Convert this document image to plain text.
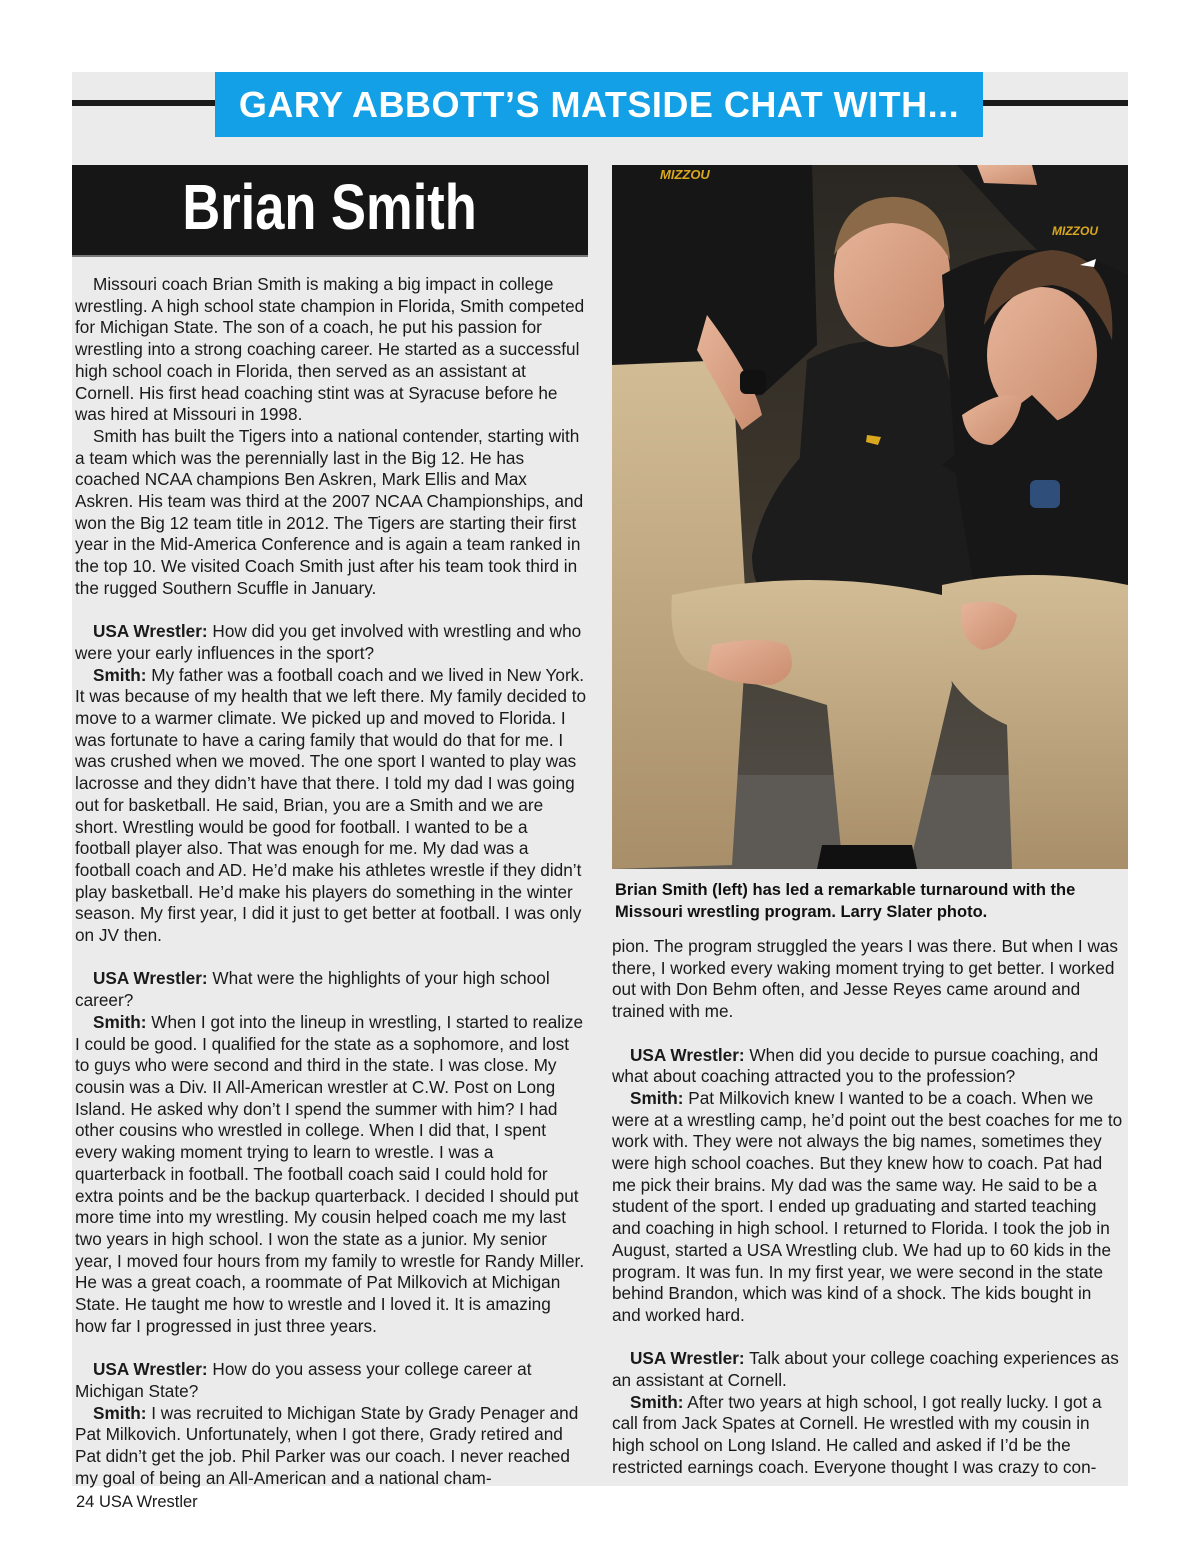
GARY ABBOTT’S MATSIDE CHAT WITH...
Brian Smith

Missouri coach Brian Smith is making a big impact in college wrestling. A high school state champion in Florida, Smith competed for Michigan State. The son of a coach, he put his passion for wrestling into a strong coaching career. He started as a successful high school coach in Florida, then served as an assistant at Cornell. His first head coaching stint was at Syracuse before he was hired at Missouri in 1998.

Smith has built the Tigers into a national contender, starting with a team which was the perennially last in the Big 12. He has coached NCAA champions Ben Askren, Mark Ellis and Max Askren. His team was third at the 2007 NCAA Championships, and won the Big 12 team title in 2012. The Tigers are starting their first year in the Mid-America Conference and is again a team ranked in the top 10. We visited Coach Smith just after his team took third in the rugged Southern Scuffle in January.

USA Wrestler: How did you get involved with wrestling and who were your early influences in the sport?

Smith: My father was a football coach and we lived in New York. It was because of my health that we left there. My family decided to move to a warmer climate. We picked up and moved to Florida. I was fortunate to have a caring family that would do that for me. I was crushed when we moved. The one sport I wanted to play was lacrosse and they didn’t have that there. I told my dad I was going out for basketball. He said, Brian, you are a Smith and we are short. Wrestling would be good for football. I wanted to be a football player also. That was enough for me. My dad was a football coach and AD. He’d make his athletes wrestle if they didn’t play basketball. He’d make his players do something in the winter season. My first year, I did it just to get better at football. I was only on JV then.

USA Wrestler: What were the highlights of your high school career?

Smith: When I got into the lineup in wrestling, I started to realize I could be good. I qualified for the state as a sophomore, and lost to guys who were second and third in the state. I was close. My cousin was a Div. II All-American wrestler at C.W. Post on Long Island. He asked why don’t I spend the summer with him? I had other cousins who wrestled in college. When I did that, I spent every waking moment trying to learn to wrestle. I was a quarterback in football. The football coach said I could hold for extra points and be the backup quarterback. I decided I should put more time into my wrestling. My cousin helped coach me my last two years in high school. I won the state as a junior. My senior year, I moved four hours from my family to wrestle for Randy Miller. He was a great coach, a roommate of Pat Milkovich at Michigan State. He taught me how to wrestle and I loved it. It is amazing how far I progressed in just three years.

USA Wrestler: How do you assess your college career at Michigan State?

Smith: I was recruited to Michigan State by Grady Penager and Pat Milkovich. Unfortunately, when I got there, Grady retired and Pat didn’t get the job. Phil Parker was our coach. I never reached my goal of being an All-American and a national cham-

MIZZOU
MIZZOU
Brian Smith (left) has led a remarkable turnaround with the Missouri wrestling program. Larry Slater photo.

pion. The program struggled the years I was there. But when I was there, I worked every waking moment trying to get better. I worked out with Don Behm often, and Jesse Reyes came around and trained with me.

USA Wrestler: When did you decide to pursue coaching, and what about coaching attracted you to the profession?

Smith: Pat Milkovich knew I wanted to be a coach. When we were at a wrestling camp, he’d point out the best coaches for me to work with. They were not always the big names, sometimes they were high school coaches. But they knew how to coach. Pat had me pick their brains. My dad was the same way. He said to be a student of the sport. I ended up graduating and started teaching and coaching in high school. I returned to Florida. I took the job in August, started a USA Wrestling club. We had up to 60 kids in the program. It was fun. In my first year, we were second in the state behind Brandon, which was kind of a shock. The kids bought in and worked hard.

USA Wrestler: Talk about your college coaching experiences as an assistant at Cornell.

Smith: After two years at high school, I got really lucky. I got a call from Jack Spates at Cornell. He wrestled with my cousin in high school on Long Island. He called and asked if I’d be the restricted earnings coach. Everyone thought I was crazy to con-

24 USA Wrestler
